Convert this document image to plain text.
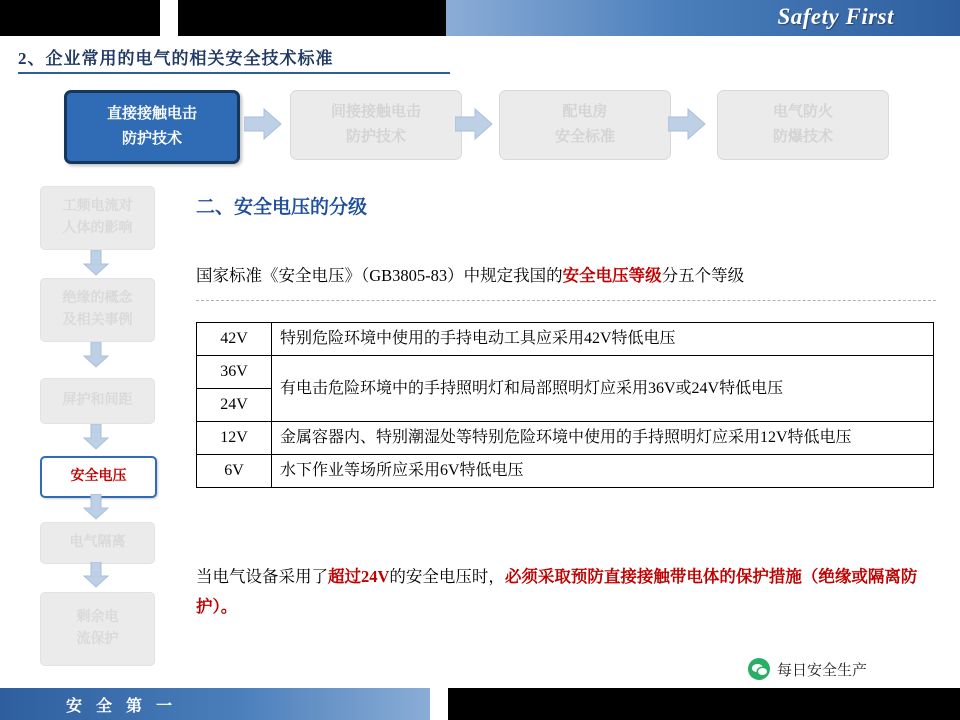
Safety First
2、企业常用的电气的相关安全技术标准
直接接触电击
防护技术
间接接触电击
防护技术
配电房
安全标准
电气防火
防爆技术
工频电流对
人体的影响
绝缘的概念
及相关事例
屏护和间距
安全电压
电气隔离
剩余电
流保护
二、安全电压的分级
国家标准《安全电压》（GB3805-83）中规定我国的安全电压等级分五个等级
42V	特别危险环境中使用的手持电动工具应采用42V特低电压
36V	有电击危险环境中的手持照明灯和局部照明灯应采用36V或24V特低电压
24V	
12V	金属容器内、特别潮湿处等特别危险环境中使用的手持照明灯应采用12V特低电压
6V	水下作业等场所应采用6V特低电压
当电气设备采用了超过24V的安全电压时，必须采取预防直接接触带电体的保护措施（绝缘或隔离防护）。
每日安全生产
安 全 第 一
